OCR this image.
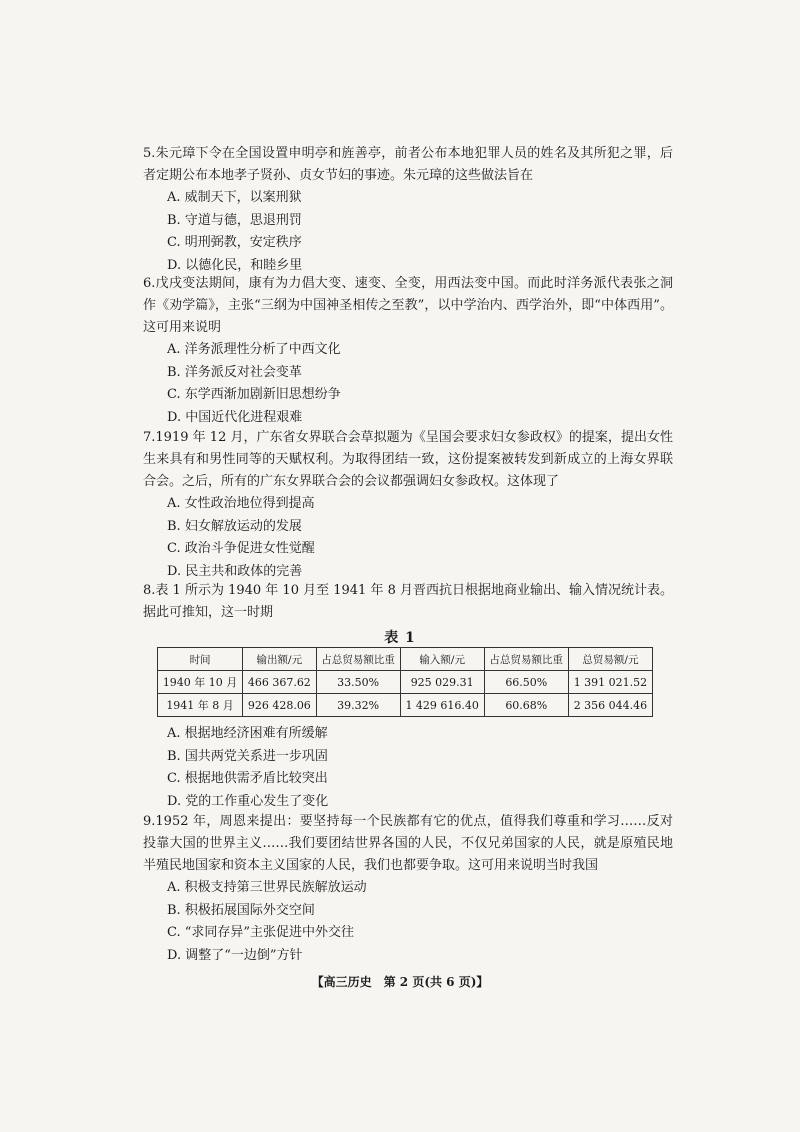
5.朱元璋下令在全国设置申明亭和旌善亭，前者公布本地犯罪人员的姓名及其所犯之罪，后者定期公布本地孝子贤孙、贞女节妇的事迹。朱元璋的这些做法旨在

A. 威制天下，以案刑狱

B. 守道与德，思退刑罚

C. 明刑弼教，安定秩序

D. 以德化民，和睦乡里

6.戊戌变法期间，康有为力倡大变、速变、全变，用西法变中国。而此时洋务派代表张之洞作《劝学篇》，主张“三纲为中国神圣相传之至教”，以中学治内、西学治外，即“中体西用”。这可用来说明

A. 洋务派理性分析了中西文化

B. 洋务派反对社会变革

C. 东学西渐加剧新旧思想纷争

D. 中国近代化进程艰难

7.1919 年 12 月，广东省女界联合会草拟题为《呈国会要求妇女参政权》的提案，提出女性生来具有和男性同等的天赋权利。为取得团结一致，这份提案被转发到新成立的上海女界联合会。之后，所有的广东女界联合会的会议都强调妇女参政权。这体现了

A. 女性政治地位得到提高

B. 妇女解放运动的发展

C. 政治斗争促进女性觉醒

D. 民主共和政体的完善

8.表 1 所示为 1940 年 10 月至 1941 年 8 月晋西抗日根据地商业输出、输入情况统计表。据此可推知，这一时期

表 1
时间	输出额/元	占总贸易额比重	输入额/元	占总贸易额比重	总贸易额/元
1940 年 10 月	466 367.62	33.50%	925 029.31	66.50%	1 391 021.52
1941 年 8 月	926 428.06	39.32%	1 429 616.40	60.68%	2 356 044.46

A. 根据地经济困难有所缓解

B. 国共两党关系进一步巩固

C. 根据地供需矛盾比较突出

D. 党的工作重心发生了变化

9.1952 年，周恩来提出：要坚持每一个民族都有它的优点，值得我们尊重和学习……反对投靠大国的世界主义……我们要团结世界各国的人民，不仅兄弟国家的人民，就是原殖民地半殖民地国家和资本主义国家的人民，我们也都要争取。这可用来说明当时我国

A. 积极支持第三世界民族解放运动

B. 积极拓展国际外交空间

C. “求同存异”主张促进中外交往

D. 调整了“一边倒”方针

【高三历史　第 2 页(共 6 页)】
